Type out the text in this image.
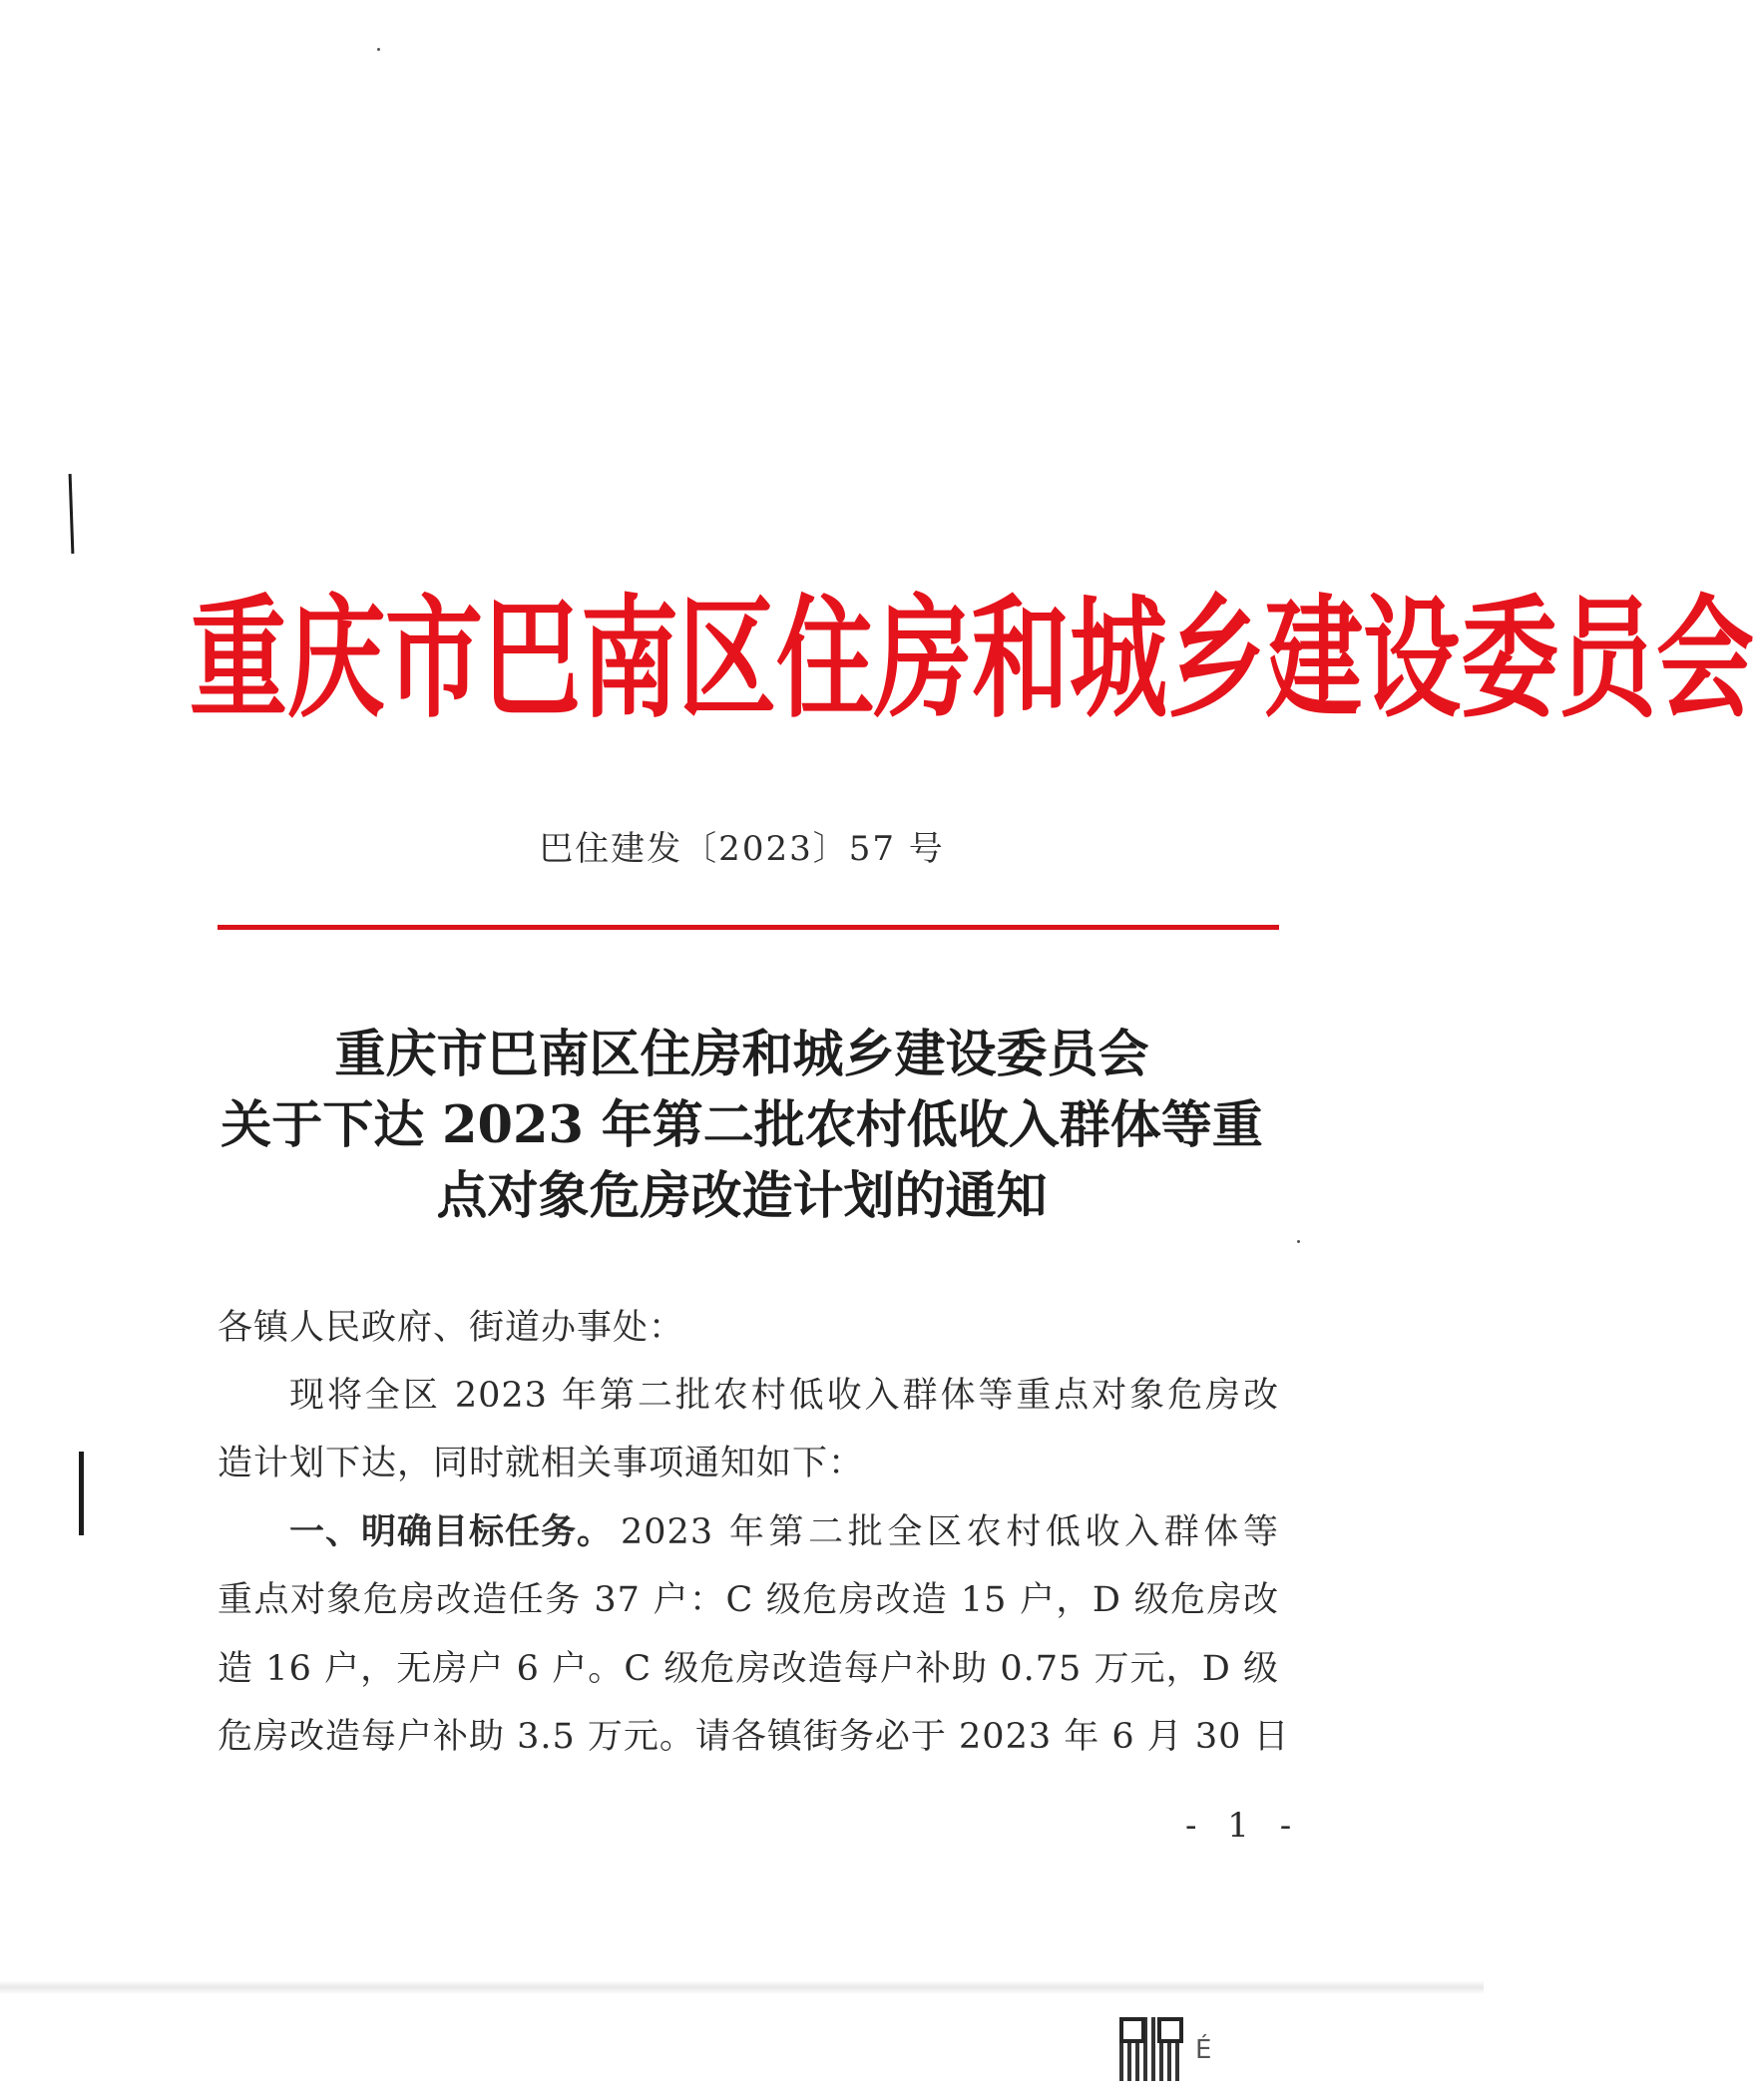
重庆市巴南区住房和城乡建设委员会
巴住建发〔2023〕57 号
重庆市巴南区住房和城乡建设委员会
关于下达 2023 年第二批农村低收入群体等重
点对象危房改造计划的通知
各镇人民政府、街道办事处：
现将全区 2023 年第二批农村低收入群体等重点对象危房改
造计划下达，同时就相关事项通知如下：
一、明确目标任务。 2023 年第二批全区农村低收入群体等
重点对象危房改造任务 37 户：C 级危房改造 15 户，D 级危房改
造 16 户，无房户 6 户。C 级危房改造每户补助 0.75 万元，D 级
危房改造每户补助 3.5 万元。请各镇街务必于 2023 年 6 月 30 日
- 1 -
É
